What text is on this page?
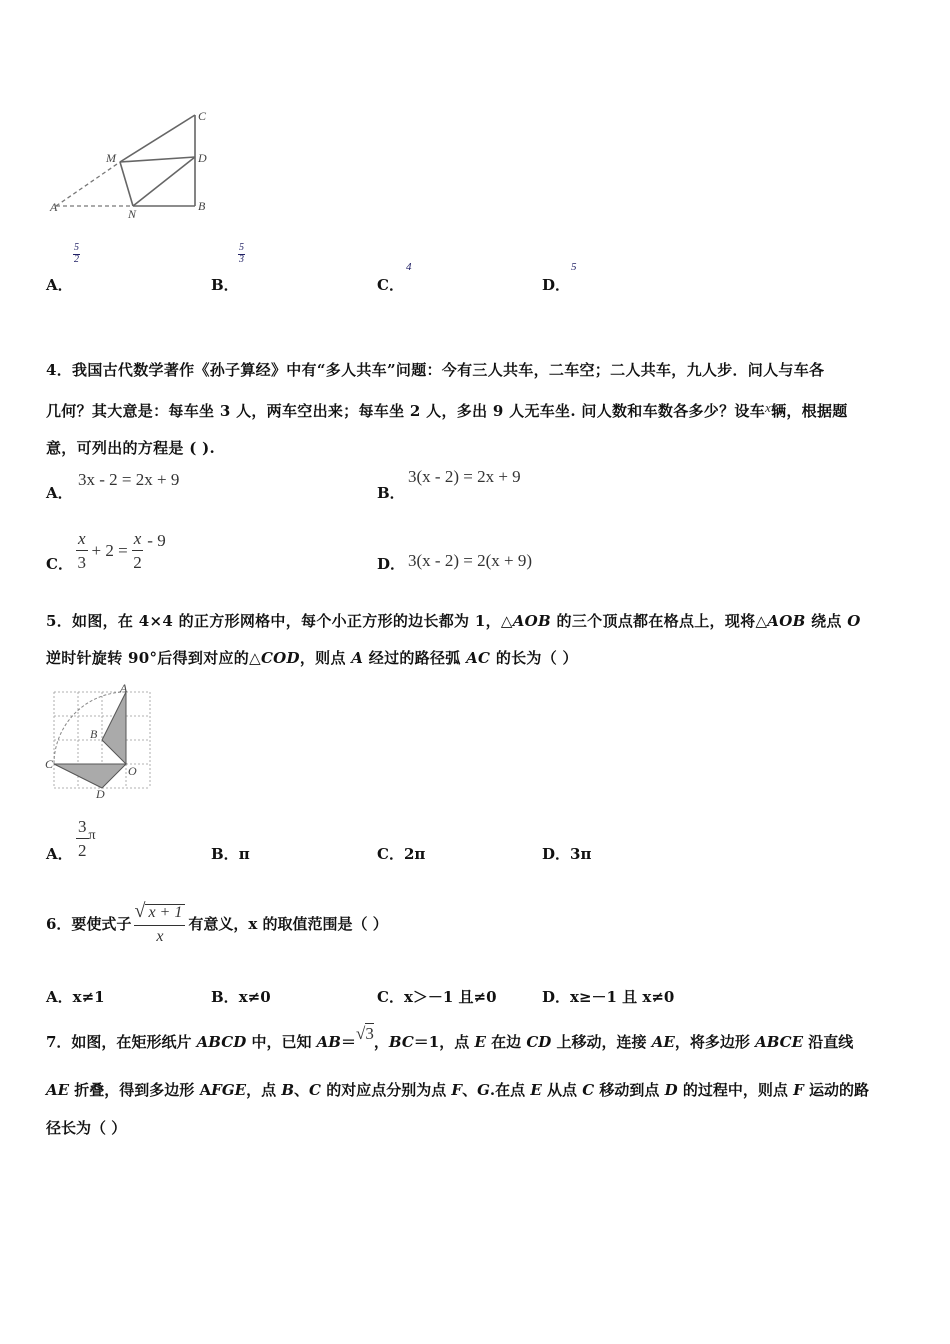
C
M	D
A	N
B
A．
$\frac{5}{2}$
B．
$\frac{5}{3}$
C．
4
D．
5
4．我国古代数学著作《孙子算经》中有“多人共车”问题：今有三人共车，二车空；二人共车，九人步．问人与车各
几何？其大意是：每车坐 3 人，两车空出来；每车坐 2 人，多出 9 人无车坐. 问人数和车数各多少？设车x辆，根据题
意，可列出的方程是 ( ).
A．
3x - 2 = 2x + 9
B．
3(x - 2) = 2x + 9
C． $\frac{x}{3} + 2 = \frac{x}{2} - 9$
D． 3(x - 2) = 2(x + 9)
5．如图，在 4×4 的正方形网格中，每个小正方形的边长都为 1，△AOB 的三个顶点都在格点上，现将△AOB 绕点 O
逆时针旋转 90°后得到对应的△COD，则点 A 经过的路径弧 AC 的长为（ ）
A
B
C	O
D
A． $\frac{3}{2}$ π
B．π	C．2π	D．3π
6．要使式子
√ x + 1
x
有意义，x 的取值范围是（ ）
A．x≠1	B．x≠0	C．x＞－1 且≠0	D．x≥－1 且 x≠0
7．如图，在矩形纸片 ABCD 中，已知 AB＝√3，BC＝1，点 E 在边 CD 上移动，连接 AE，将多边形 ABCE 沿直线
AE 折叠，得到多边形 AFGE，点 B、C 的对应点分别为点 F、G.在点 E 从点 C 移动到点 D 的过程中，则点 F 运动的路
径长为（ ）
